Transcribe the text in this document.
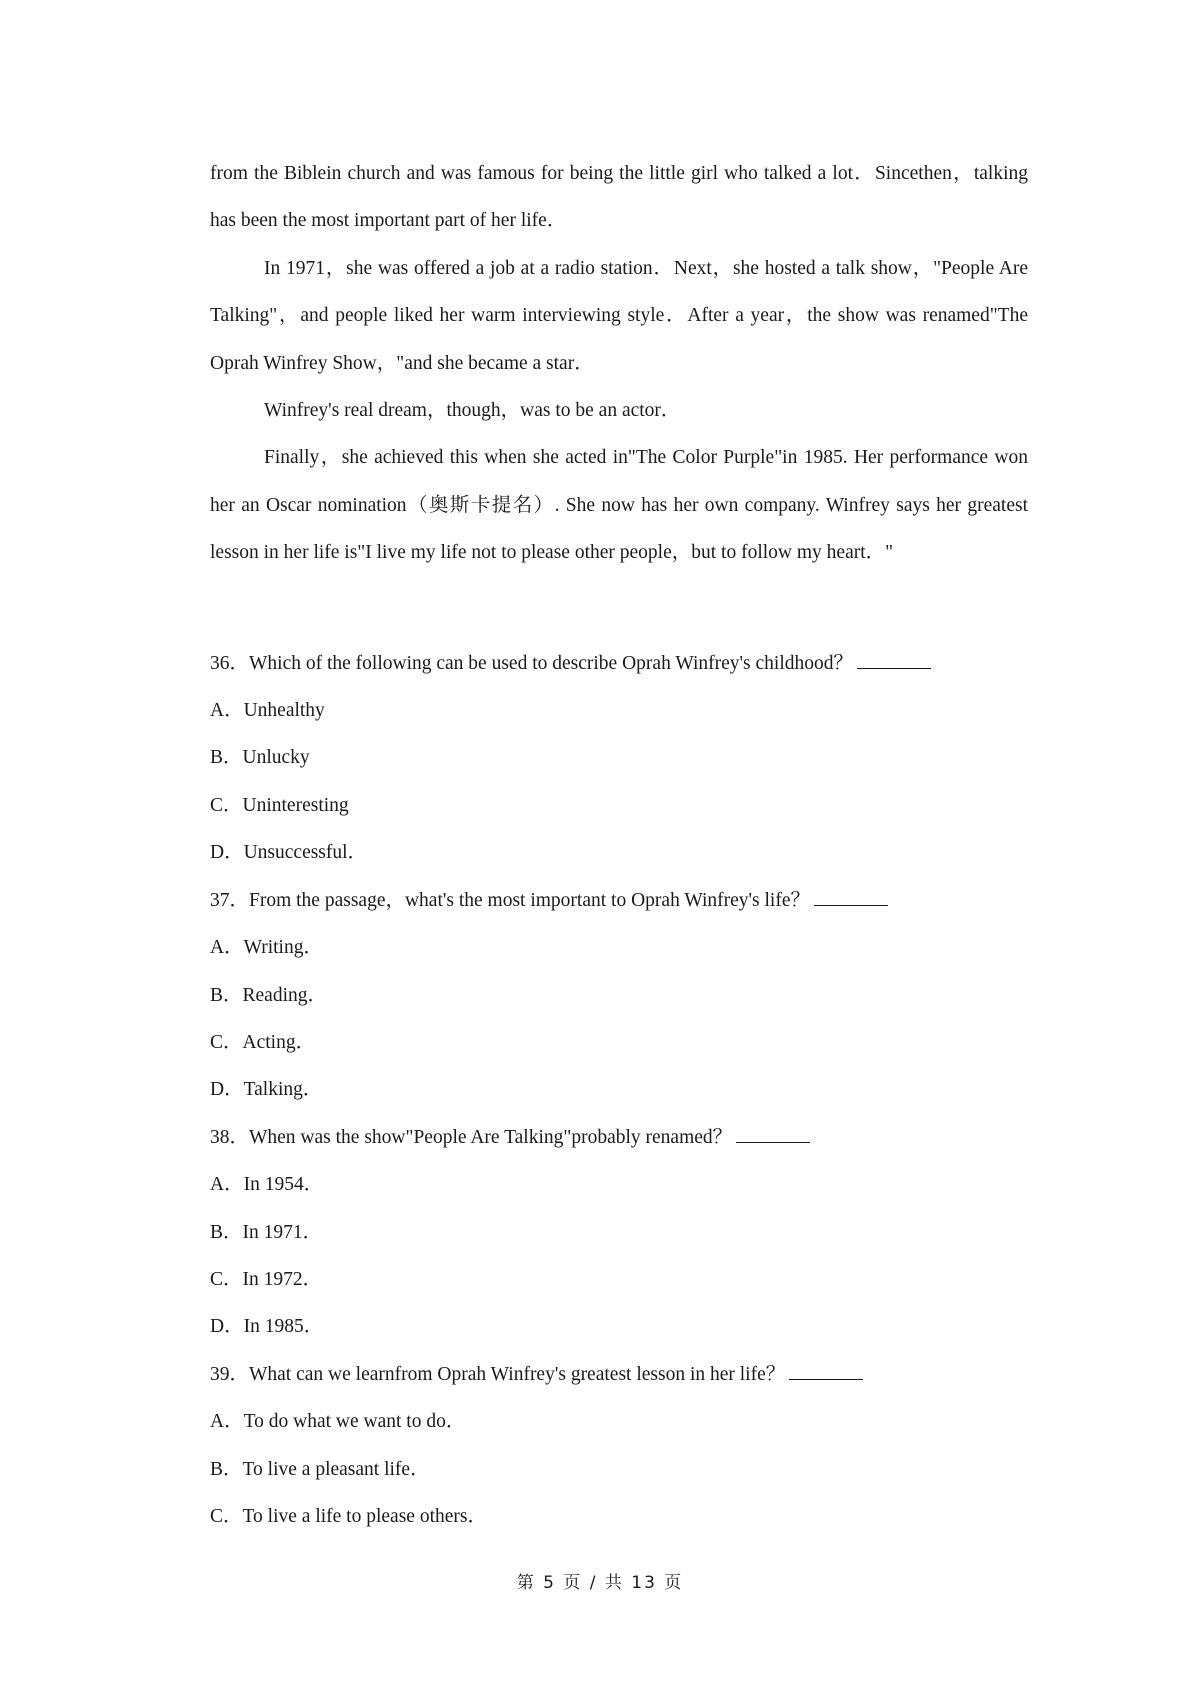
from the Biblein church and was famous for being the little girl who talked a lot．Sincethen，talking has been the most important part of her life．

In 1971，she was offered a job at a radio station．Next，she hosted a talk show，"People Are Talking"，and people liked her warm interviewing style．After a year，the show was renamed"The Oprah Winfrey Show，"and she became a star．

Winfrey's real dream，though，was to be an actor．

Finally，she achieved this when she acted in"The Color Purple"in 1985. Her performance won her an Oscar nomination（奥斯卡提名）. She now has her own company. Winfrey says her greatest lesson in her life is"I live my life not to please other people，but to follow my heart．"

36．Which of the following can be used to describe Oprah Winfrey's childhood？

A．Unhealthy

B．Unlucky

C．Uninteresting

D．Unsuccessful．

37．From the passage，what's the most important to Oprah Winfrey's life？

A．Writing．

B．Reading．

C．Acting．

D．Talking．

38．When was the show"People Are Talking"probably renamed？

A．In 1954．

B．In 1971．

C．In 1972．

D．In 1985．

39．What can we learnfrom Oprah Winfrey's greatest lesson in her life？

A．To do what we want to do．

B．To live a pleasant life．

C．To live a life to please others．

第 5 页 / 共 13 页
